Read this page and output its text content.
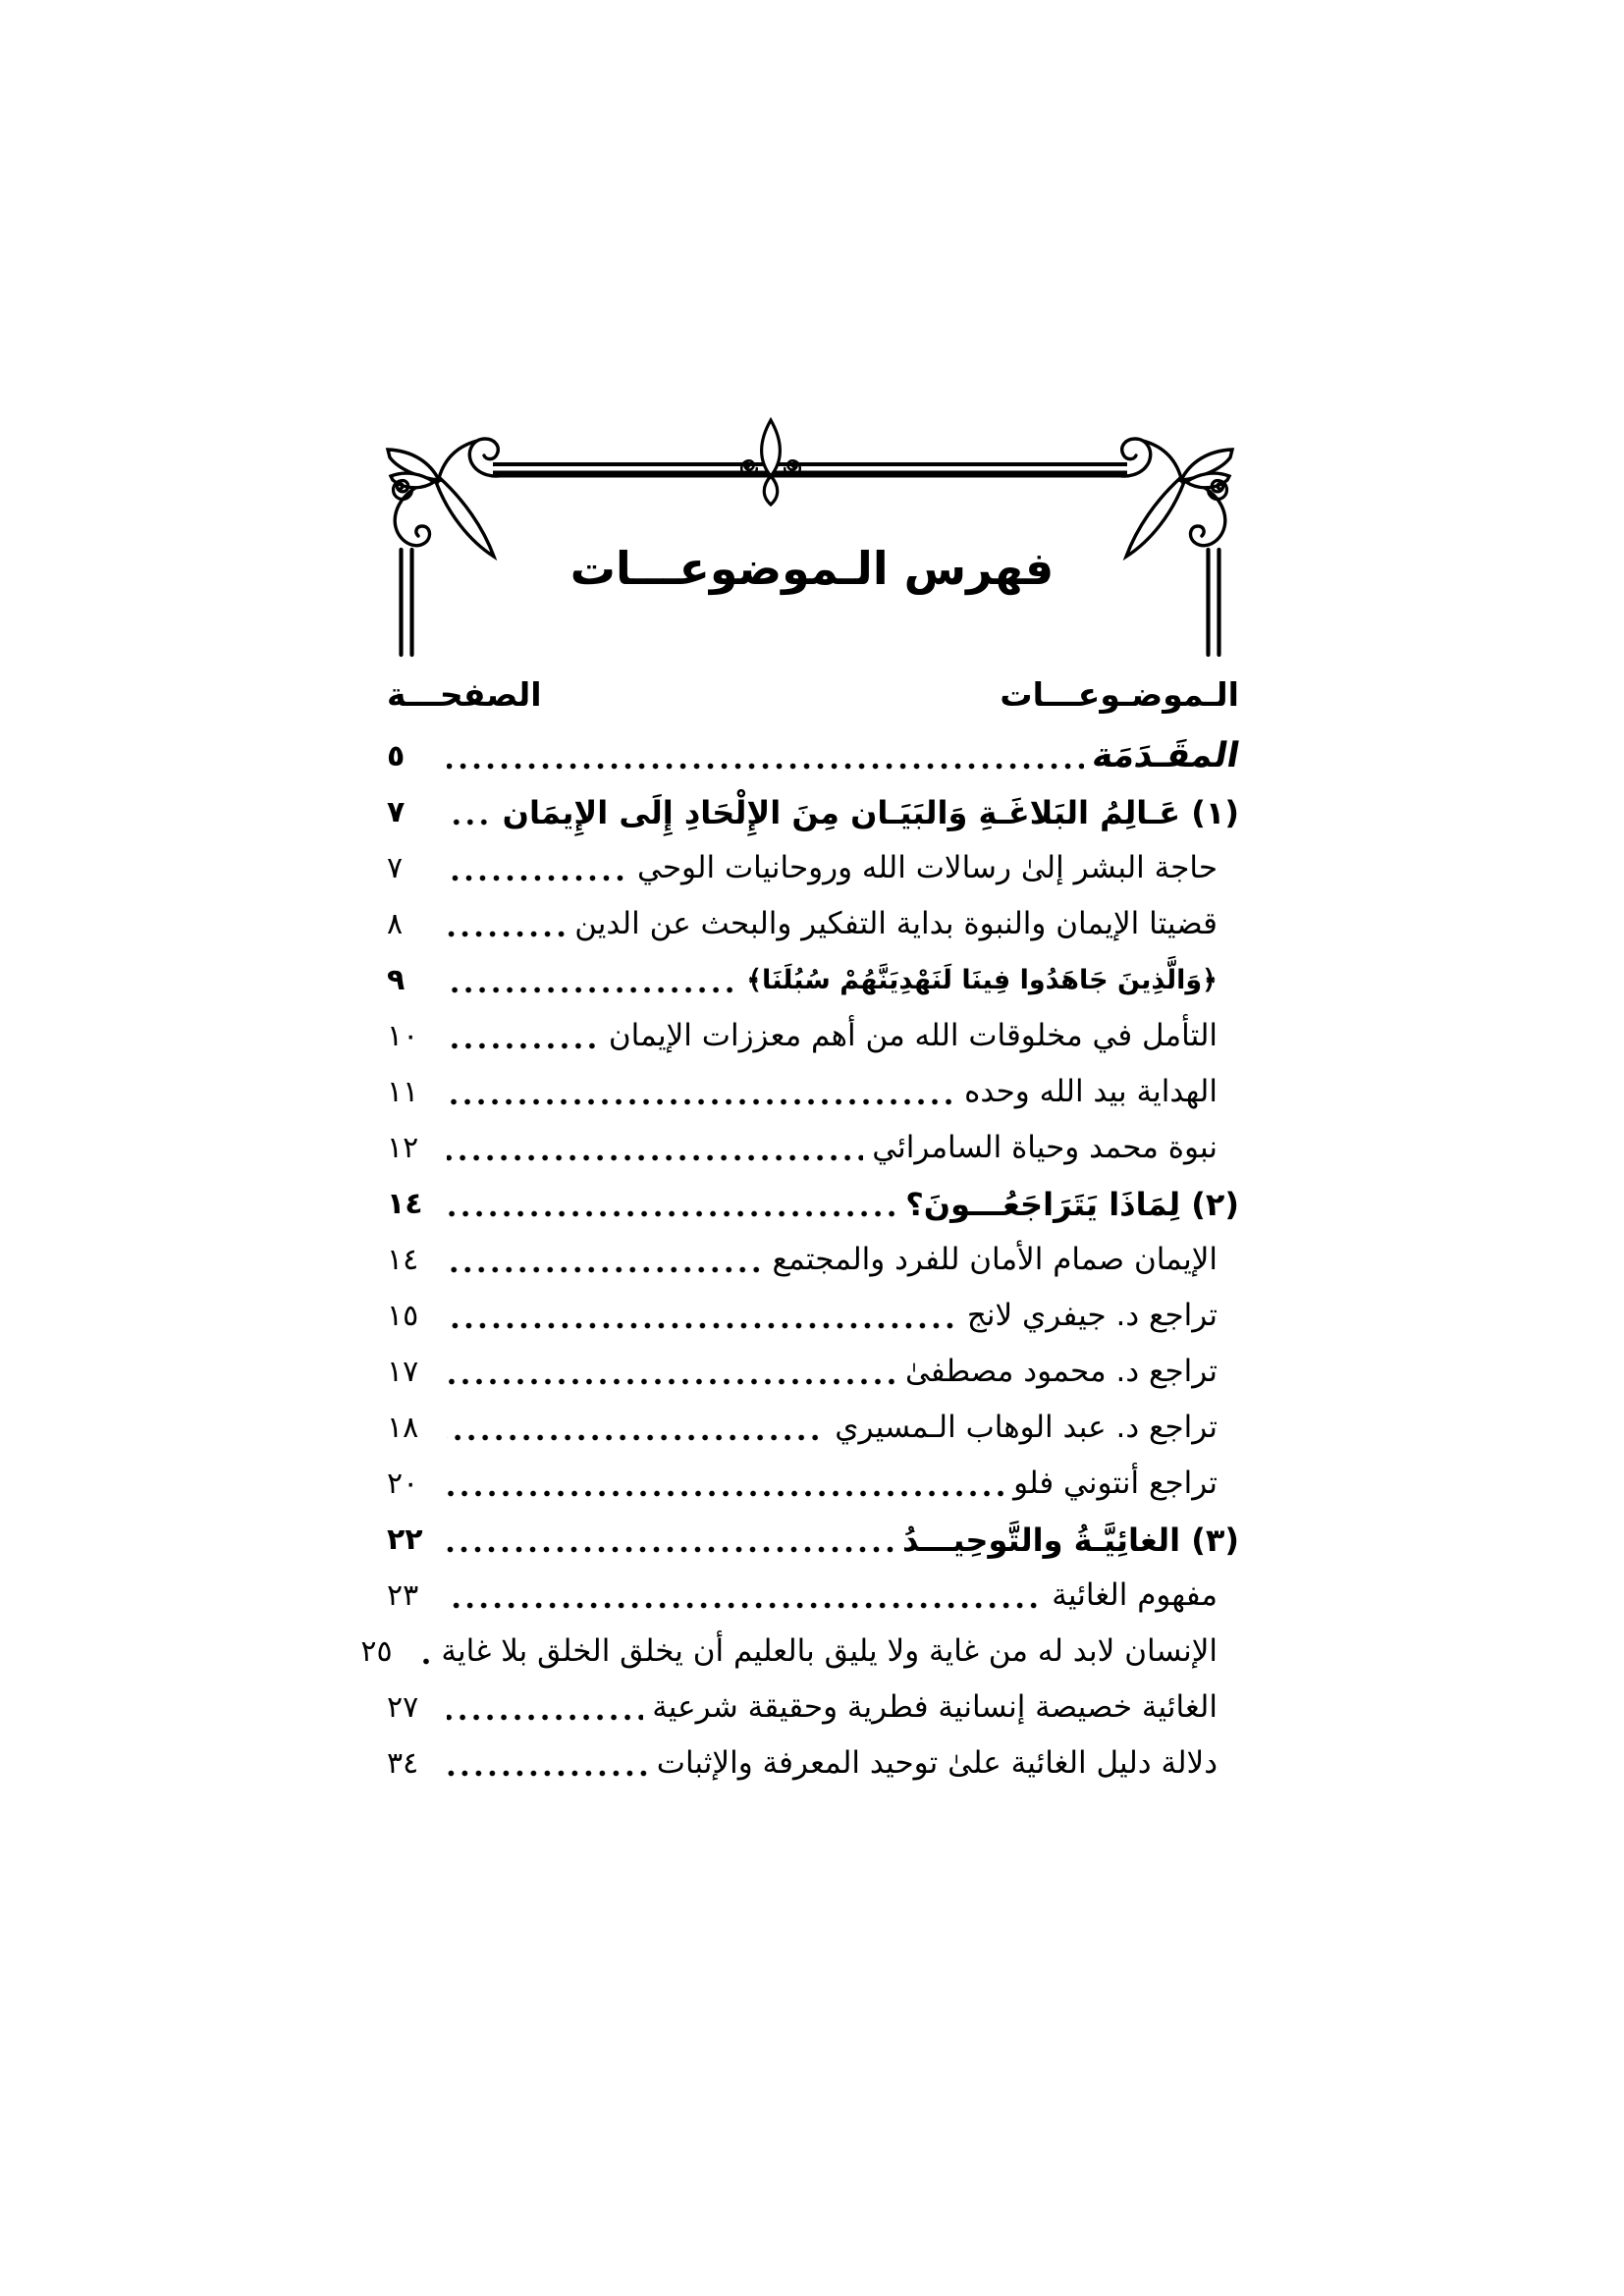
فهرس الـموضوعـــات
الـموضـوعـــات
الصفحـــة
المقَـدَمَة
٥
(١) عَـالِمُ البَلاغَـةِ وَالبَيَـان مِنَ الإِلْحَادِ إِلَى الإِيمَان
٧
حاجة البشر إلىٰ رسالات الله وروحانيات الوحي
٧
قضيتا الإيمان والنبوة بداية التفكير والبحث عن الدين
٨
﴿وَالَّذِينَ جَاهَدُوا فِينَا لَنَهْدِيَنَّهُمْ سُبُلَنَا﴾
٩
التأمل في مخلوقات الله من أهم معززات الإيمان
١٠
الهداية بيد الله وحده
١١
نبوة محمد وحياة السامرائي
١٢
(٢) لِمَاذَا يَتَرَاجَعُـــونَ؟
١٤
الإيمان صمام الأمان للفرد والمجتمع
١٤
تراجع د. جيفري لانج
١٥
تراجع د. محمود مصطفىٰ
١٧
تراجع د. عبد الوهاب الـمسيري
١٨
تراجع أنتوني فلو
٢٠
(٣) الغائِيَّـةُ والتَّوحِيـــدُ
٢٢
مفهوم الغائية
٢٣
الإنسان لابد له من غاية ولا يليق بالعليم أن يخلق الخلق بلا غاية
٢٥
الغائية خصيصة إنسانية فطرية وحقيقة شرعية
٢٧
دلالة دليل الغائية علىٰ توحيد المعرفة والإثبات
٣٤
